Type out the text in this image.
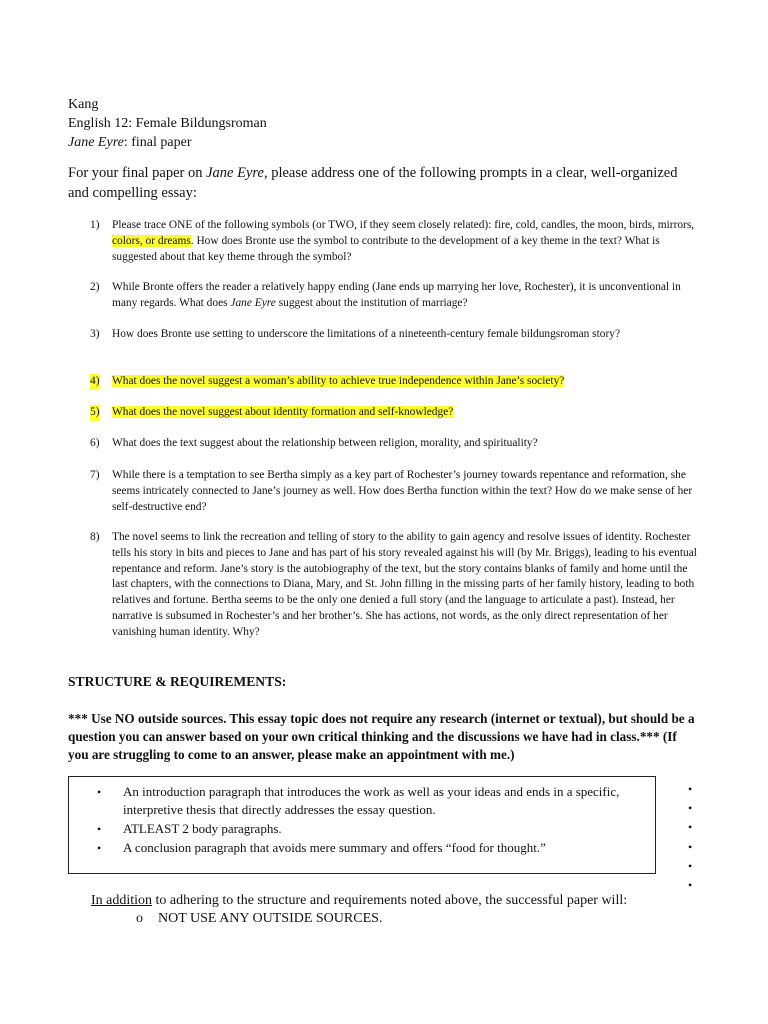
Kang
English 12: Female Bildungsroman
Jane Eyre: final paper
For your final paper on Jane Eyre, please address one of the following prompts in a clear, well-organized and compelling essay:
1) Please trace ONE of the following symbols (or TWO, if they seem closely related): fire, cold, candles, the moon, birds, mirrors, colors, or dreams. How does Bronte use the symbol to contribute to the development of a key theme in the text? What is suggested about that key theme through the symbol?
2) While Bronte offers the reader a relatively happy ending (Jane ends up marrying her love, Rochester), it is unconventional in many regards. What does Jane Eyre suggest about the institution of marriage?
3) How does Bronte use setting to underscore the limitations of a nineteenth-century female bildungsroman story?
4) What does the novel suggest a woman’s ability to achieve true independence within Jane’s society?
5) What does the novel suggest about identity formation and self-knowledge?
6) What does the text suggest about the relationship between religion, morality, and spirituality?
7) While there is a temptation to see Bertha simply as a key part of Rochester’s journey towards repentance and reformation, she seems intricately connected to Jane’s journey as well. How does Bertha function within the text? How do we make sense of her self-destructive end?
8) The novel seems to link the recreation and telling of story to the ability to gain agency and resolve issues of identity. Rochester tells his story in bits and pieces to Jane and has part of his story revealed against his will (by Mr. Briggs), leading to his eventual repentance and reform. Jane’s story is the autobiography of the text, but the story contains blanks of family and home until the last chapters, with the connections to Diana, Mary, and St. John filling in the missing parts of her family history, leading to both relatives and fortune. Bertha seems to be the only one denied a full story (and the language to articulate a past). Instead, her narrative is subsumed in Rochester’s and her brother’s. She has actions, not words, as the only direct representation of her vanishing human identity. Why?
STRUCTURE & REQUIREMENTS:
*** Use NO outside sources. This essay topic does not require any research (internet or textual), but should be a question you can answer based on your own critical thinking and the discussions we have had in class.*** (If you are struggling to come to an answer, please make an appointment with me.)
• An introduction paragraph that introduces the work as well as your ideas and ends in a specific, interpretive thesis that directly addresses the essay question.
• ATLEAST 2 body paragraphs.
• A conclusion paragraph that avoids mere summary and offers “food for thought.”
•
•
•
•
•
•
In addition to adhering to the structure and requirements noted above, the successful paper will:
o NOT USE ANY OUTSIDE SOURCES.
